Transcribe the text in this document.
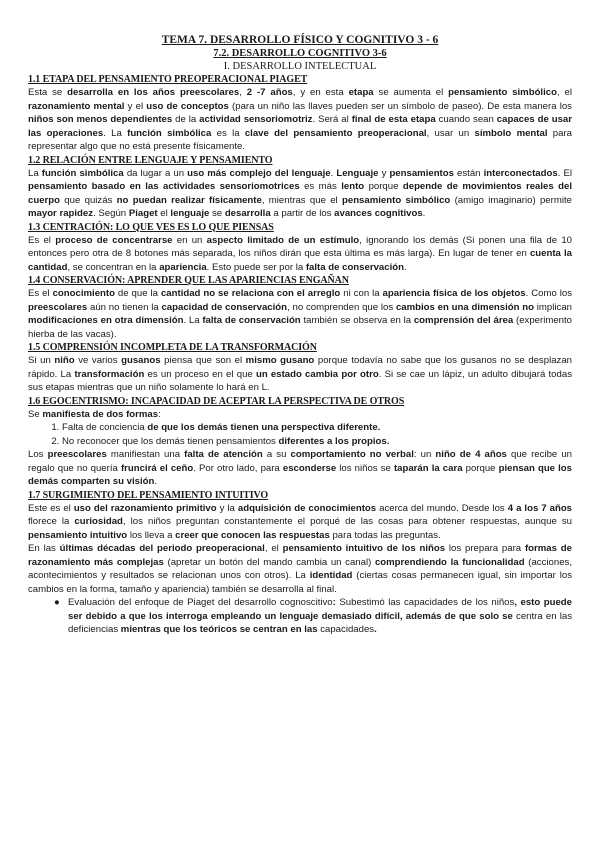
TEMA 7. DESARROLLO FÍSICO Y COGNITIVO 3 - 6
7.2. DESARROLLO COGNITIVO 3-6
I. DESARROLLO INTELECTUAL
1.1 ETAPA DEL PENSAMIENTO PREOPERACIONAL PIAGET

Esta se desarrolla en los años preescolares, 2 -7 años, y en esta etapa se aumenta el pensamiento simbólico, el razonamiento mental y el uso de conceptos (para un niño las llaves pueden ser un símbolo de paseo). De esta manera los niños son menos dependientes de la actividad sensoriomotriz. Será al final de esta etapa cuando sean capaces de usar las operaciones. La función simbólica es la clave del pensamiento preoperacional, usar un símbolo mental para representar algo que no está presente físicamente.

1.2 RELACIÓN ENTRE LENGUAJE Y PENSAMIENTO

La función simbólica da lugar a un uso más complejo del lenguaje. Lenguaje y pensamientos están interconectados. El pensamiento basado en las actividades sensoriomotrices es más lento porque depende de movimientos reales del cuerpo que quizás no puedan realizar físicamente, mientras que el pensamiento simbólico (amigo imaginario) permite mayor rapidez. Según Piaget el lenguaje se desarrolla a partir de los avances cognitivos.

1.3 CENTRACIÓN: LO QUE VES ES LO QUE PIENSAS

Es el proceso de concentrarse en un aspecto limitado de un estímulo, ignorando los demás (Si ponen una fila de 10 entonces pero otra de 8 botones más separada, los niños dirán que esta última es más larga). En lugar de tener en cuenta la cantidad, se concentran en la apariencia. Esto puede ser por la falta de conservación.

1.4 CONSERVACIÓN: APRENDER QUE LAS APARIENCIAS ENGAÑAN

Es el conocimiento de que la cantidad no se relaciona con el arreglo ni con la apariencia física de los objetos. Como los preescolares aún no tienen la capacidad de conservación, no comprenden que los cambios en una dimensión no implican modificaciones en otra dimensión. La falta de conservación también se observa en la comprensión del área (experimento hierba de las vacas).

1.5 COMPRENSIÓN INCOMPLETA DE LA TRANSFORMACIÓN

Si un niño ve varios gusanos piensa que son el mismo gusano porque todavía no sabe que los gusanos no se desplazan rápido. La transformación es un proceso en el que un estado cambia por otro. Si se cae un lápiz, un adulto dibujará todas sus etapas mientras que un niño solamente lo hará en L.

1.6 EGOCENTRISMO: INCAPACIDAD DE ACEPTAR LA PERSPECTIVA DE OTROS

Se manifiesta de dos formas:

1. Falta de conciencia de que los demás tienen una perspectiva diferente.
2. No reconocer que los demás tienen pensamientos diferentes a los propios.

Los preescolares manifiestan una falta de atención a su comportamiento no verbal: un niño de 4 años que recibe un regalo que no quería fruncirá el ceño. Por otro lado, para esconderse los niños se taparán la cara porque piensan que los demás comparten su visión.

1.7 SURGIMIENTO DEL PENSAMIENTO INTUITIVO

Este es el uso del razonamiento primitivo y la adquisición de conocimientos acerca del mundo. Desde los 4 a los 7 años florece la curiosidad, los niños preguntan constantemente el porqué de las cosas para obtener respuestas, aunque su pensamiento intuitivo los lleva a creer que conocen las respuestas para todas las preguntas.

En las últimas décadas del periodo preoperacional, el pensamiento intuitivo de los niños los prepara para formas de razonamiento más complejas (apretar un botón del mando cambia un canal) comprendiendo la funcionalidad (acciones, acontecimientos y resultados se relacionan unos con otros). La identidad (ciertas cosas permanecen igual, sin importar los cambios en la forma, tamaño y apariencia) también se desarrolla al final.

● Evaluación del enfoque de Piaget del desarrollo cognoscitivo: Subestimó las capacidades de los niños, esto puede ser debido a que los interroga empleando un lenguaje demasiado difícil, además de que solo se centra en las deficiencias mientras que los teóricos se centran en las capacidades.
